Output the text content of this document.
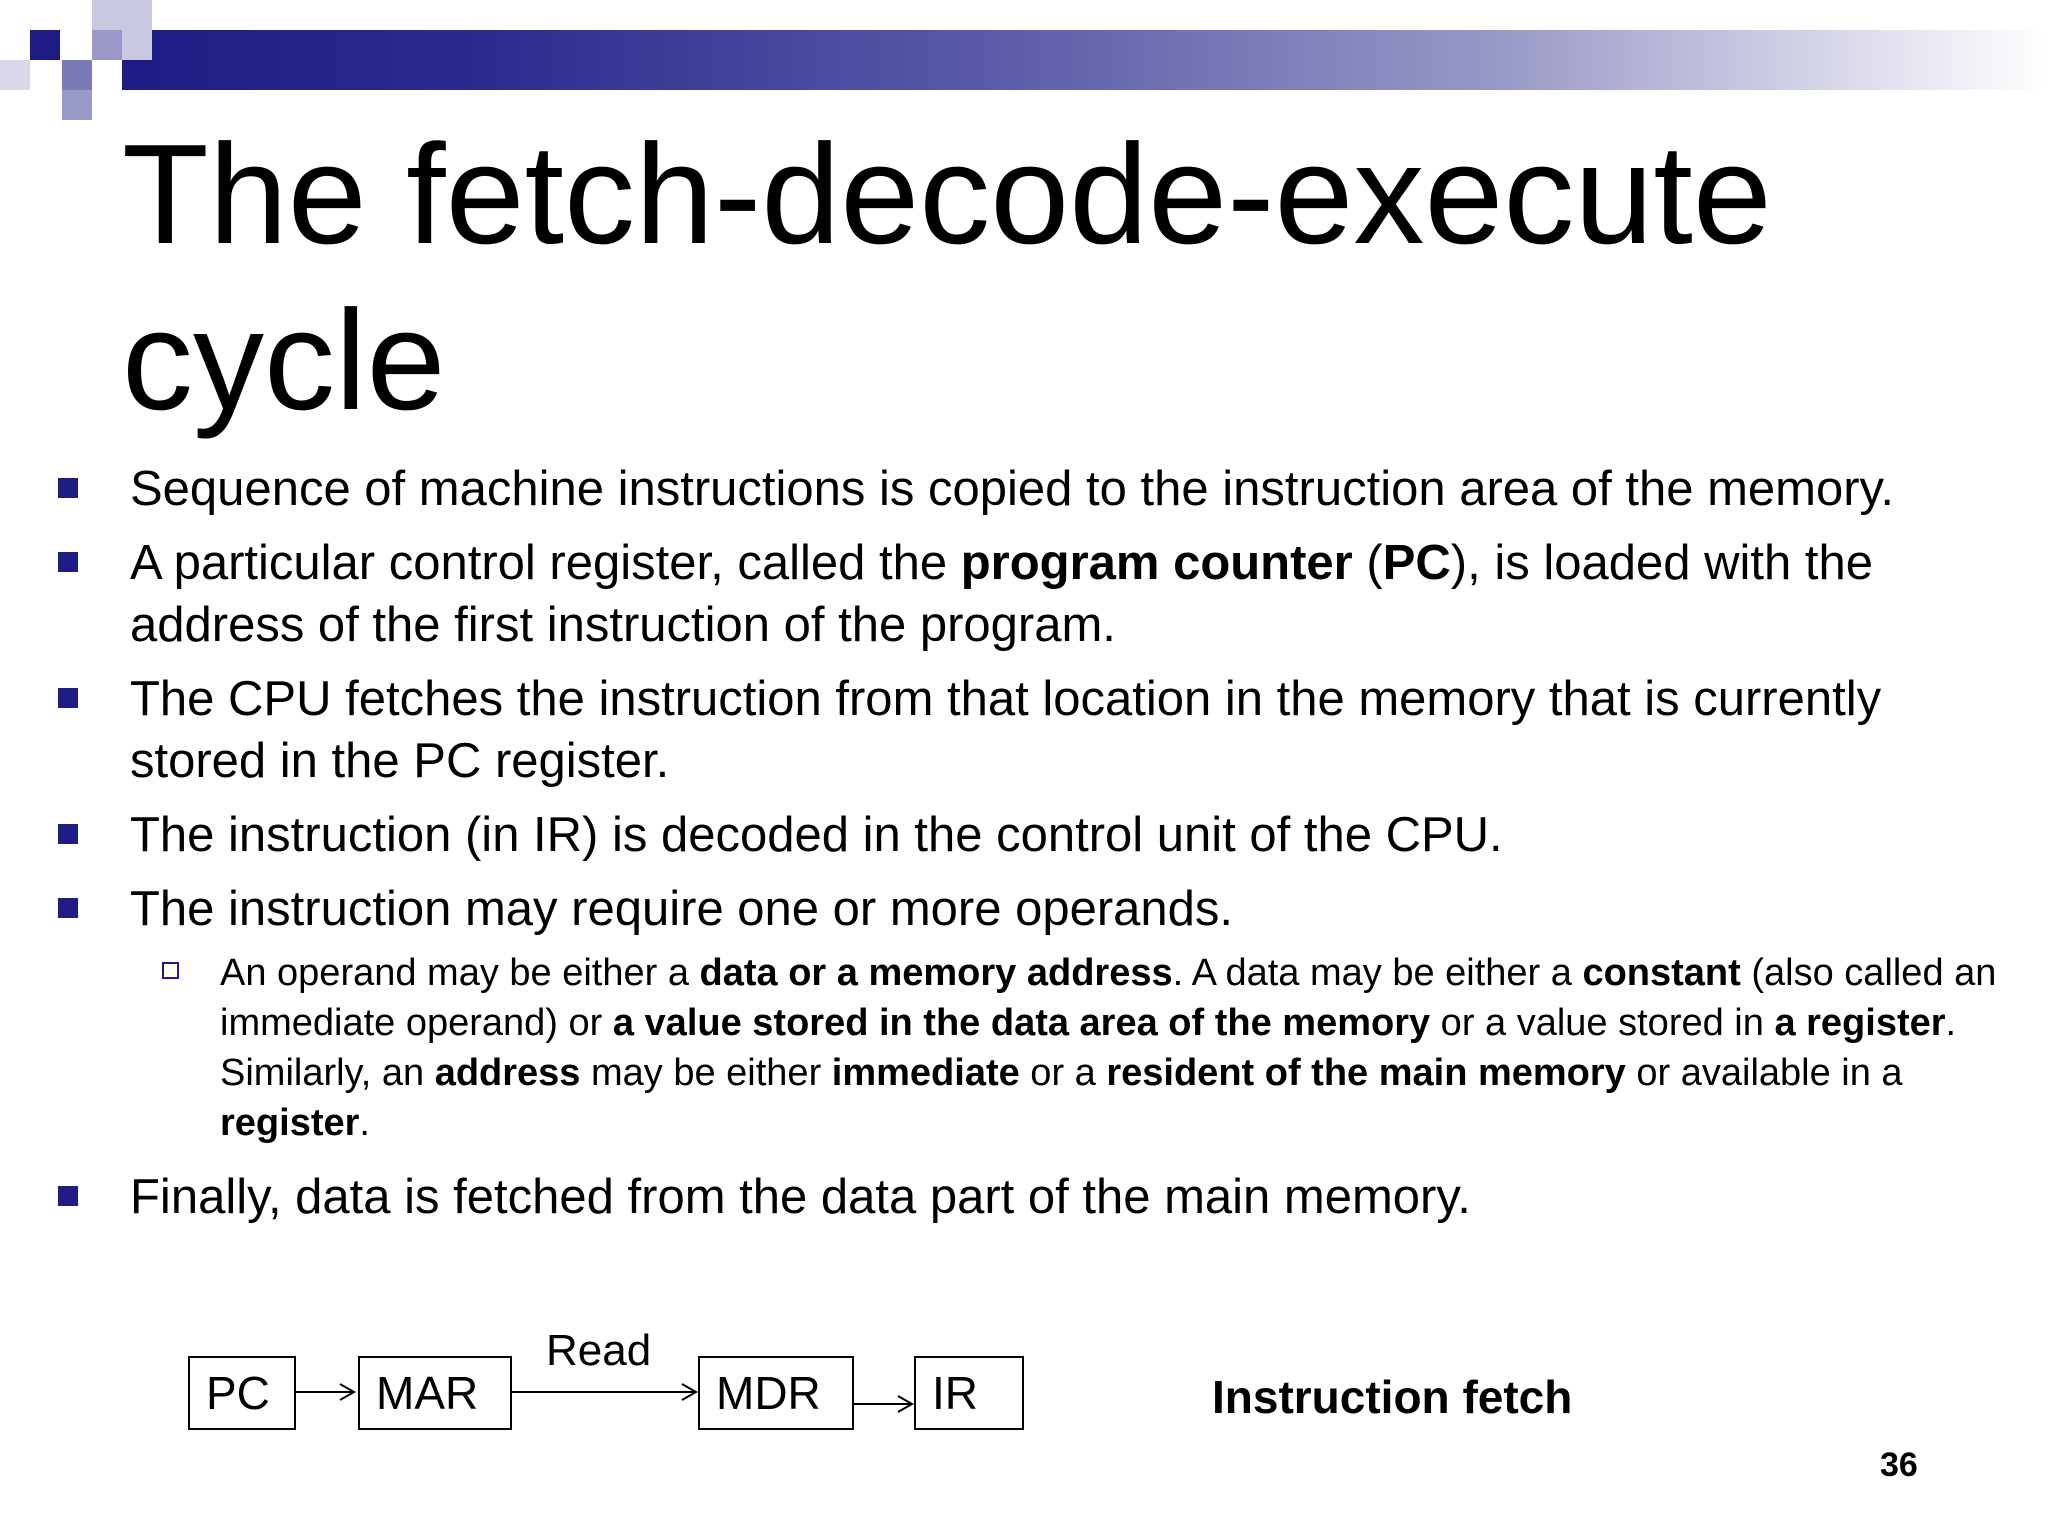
The fetch-decode-execute cycle
Sequence of machine instructions is copied to the instruction area of the memory.
A particular control register, called the program counter (PC), is loaded with the address of the first instruction of the program.
The CPU fetches the instruction from that location in the memory that is currently stored in the PC register.
The instruction (in IR) is decoded in the control unit of the CPU.
The instruction may require one or more operands.
An operand may be either a data or a memory address. A data may be either a constant (also called an immediate operand) or a value stored in the data area of the memory or a value stored in a register. Similarly, an address may be either immediate or a resident of the main memory or available in a register.
Finally, data is fetched from the data part of the main memory.
PC	MAR	MDR	IR
Read
Instruction fetch
36
